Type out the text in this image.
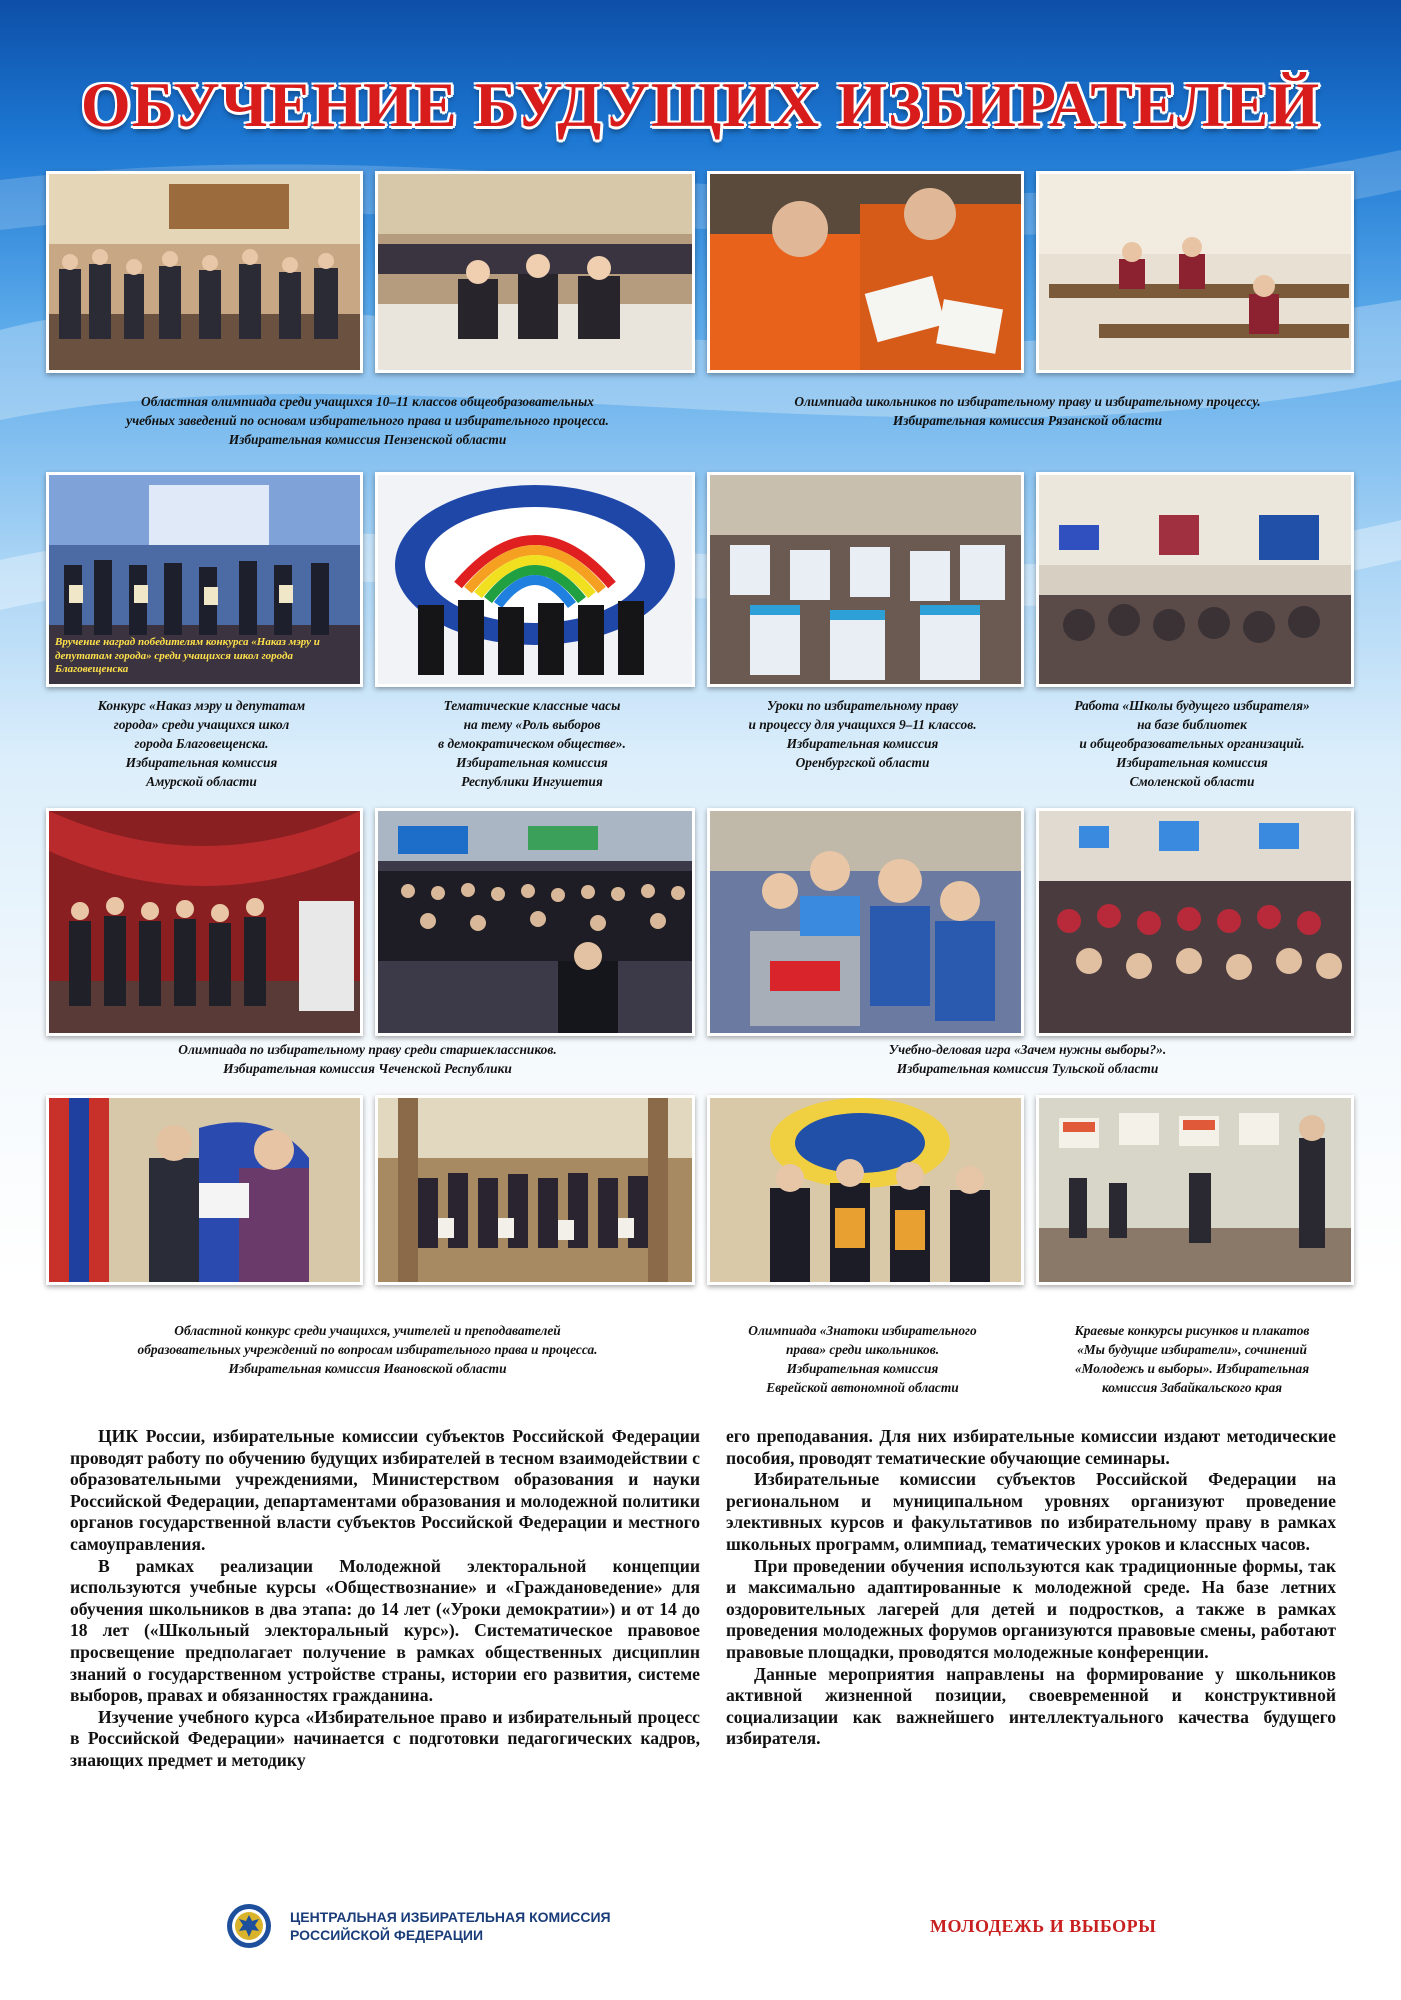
ОБУЧЕНИЕ БУДУЩИХ ИЗБИРАТЕЛЕЙ
Вручение наград победителям конкурса «Наказ мэру и депутатам города» среди учащихся школ города Благовещенска
Областная олимпиада среди учащихся 10–11 классов общеобразовательных
учебных заведений по основам избирательного права и избирательного процесса.
Избирательная комиссия Пензенской области
Олимпиада школьников по избирательному праву и избирательному процессу.
Избирательная комиссия Рязанской области
Конкурс «Наказ мэру и депутатам
города» среди учащихся школ
города Благовещенска.
Избирательная комиссия
Амурской области
Тематические классные часы
на тему «Роль выборов
в демократическом обществе».
Избирательная комиссия
Республики Ингушетия
Уроки по избирательному праву
и процессу для учащихся 9–11 классов.
Избирательная комиссия
Оренбургской области
Работа «Школы будущего избирателя»
на базе библиотек
и общеобразовательных организаций.
Избирательная комиссия
Смоленской области
Олимпиада по избирательному праву среди старшеклассников.
Избирательная комиссия Чеченской Республики
Учебно-деловая игра «Зачем нужны выборы?».
Избирательная комиссия Тульской области
Областной конкурс среди учащихся, учителей и преподавателей
образовательных учреждений по вопросам избирательного права и процесса.
Избирательная комиссия Ивановской области
Олимпиада «Знатоки избирательного
права» среди школьников.
Избирательная комиссия
Еврейской автономной области
Краевые конкурсы рисунков и плакатов
«Мы будущие избиратели», сочинений
«Молодежь и выборы». Избирательная
комиссия Забайкальского края

ЦИК России, избирательные комиссии субъектов Российской Федерации проводят работу по обучению будущих избирателей в тесном взаимодействии с образовательными учреждениями, Министерством образования и науки Российской Федерации, департаментами образования и молодежной политики органов государственной власти субъектов Российской Федерации и местного самоуправления.

В рамках реализации Молодежной электоральной концепции используются учебные курсы «Обществознание» и «Граждановедение» для обучения школьников в два этапа: до 14 лет («Уроки демократии») и от 14 до 18 лет («Школьный электоральный курс»). Систематическое правовое просвещение предполагает получение в рамках общественных дисциплин знаний о государственном устройстве страны, истории его развития, системе выборов, правах и обязанностях гражданина.

Изучение учебного курса «Избирательное право и избирательный процесс в Российской Федерации» начинается с подготовки педагогических кадров, знающих предмет и методику

его преподавания. Для них избирательные комиссии издают методические пособия, проводят тематические обучающие семинары.

Избирательные комиссии субъектов Российской Федерации на региональном и муниципальном уровнях организуют проведение элективных курсов и факультативов по избирательному праву в рамках школьных программ, олимпиад, тематических уроков и классных часов.

При проведении обучения используются как традиционные формы, так и максимально адаптированные к молодежной среде. На базе летних оздоровительных лагерей для детей и подростков, а также в рамках проведения молодежных форумов организуются правовые смены, работают правовые площадки, проводятся молодежные конференции.

Данные мероприятия направлены на формирование у школьников активной жизненной позиции, своевременной и конструктивной социализации как важнейшего интеллектуального качества будущего избирателя.

ЦЕНТРАЛЬНАЯ ИЗБИРАТЕЛЬНАЯ КОМИССИЯ
РОССИЙСКОЙ ФЕДЕРАЦИИ	МОЛОДЕЖЬ И ВЫБОРЫ
